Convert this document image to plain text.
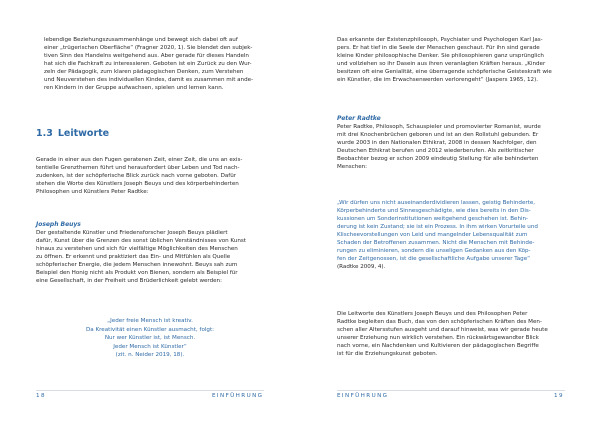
lebendige Beziehungszusammenhänge und bewegt sich dabei oft auf

einer „trügerischen Oberfläche“ (Fragner 2020, 1). Sie blendet den subjek-

tiven Sinn des Handelns weitgehend aus. Aber gerade für dieses Handeln

hat sich die Fachkraft zu interessieren. Geboten ist ein Zurück zu den Wur-

zeln der Pädagogik, zum klaren pädagogischen Denken, zum Verstehen

und Neuverstehen des individuellen Kindes, damit es zusammen mit ande-

ren Kindern in der Gruppe aufwachsen, spielen und lernen kann.

1.3 Leitworte

Gerade in einer aus den Fugen geratenen Zeit, einer Zeit, die uns an exis-

tentielle Grenzthemen führt und herausfordert über Leben und Tod nach-

zudenken, ist der schöpferische Blick zurück nach vorne geboten. Dafür

stehen die Worte des Künstlers Joseph Beuys und des körperbehinderten

Philosophen und Künstlers Peter Radtke:

Joseph Beuys

Der gestaltende Künstler und Friedensforscher Joseph Beuys plädiert

dafür, Kunst über die Grenzen des sonst üblichen Verständnisses von Kunst

hinaus zu verstehen und sich für vielfältige Möglichkeiten des Menschen

zu öffnen. Er erkennt und praktiziert das Ein- und Mitfühlen als Quelle

schöpferischer Energie, die jedem Menschen innewohnt. Beuys sah zum

Beispiel den Honig nicht als Produkt von Bienen, sondern als Beispiel für

eine Gesellschaft, in der Freiheit und Brüderlichkeit gelebt werden:

„Jeder freie Mensch ist kreativ.

Da Kreativität einen Künstler ausmacht, folgt:

Nur wer Künstler ist, ist Mensch.

Jeder Mensch ist Künstler“

(zit. n. Neider 2019, 18).

18	EINFÜHRUNG

Das erkannte der Existenzphilosoph, Psychiater und Psychologen Karl Jas-

pers. Er hat tief in die Seele der Menschen geschaut. Für ihn sind gerade

kleine Kinder philosophische Denker. Sie philosophieren ganz ursprünglich

und vollziehen so ihr Dasein aus ihren veranlagten Kräften heraus. „Kinder

besitzen oft eine Genialität, eine überragende schöpferische Geisteskraft wie

ein Künstler, die im Erwachsenwerden verlorengeht“ (Jaspers 1965, 12).

Peter Radtke

Peter Radtke, Philosoph, Schauspieler und promovierter Romanist, wurde

mit drei Knochenbrüchen geboren und ist an den Rollstuhl gebunden. Er

wurde 2003 in den Nationalen Ethikrat, 2008 in dessen Nachfolger, den

Deutschen Ethikrat berufen und 2012 wiederberufen. Als zeitkritischer

Beobachter bezog er schon 2009 eindeutig Stellung für alle behinderten

Menschen:

„Wir dürfen uns nicht auseinanderdividieren lassen, geistig Behinderte,

Körperbehinderte und Sinnesgeschädigte, wie dies bereits in den Dis-

kussionen um Sonderinstitutionen weitgehend geschehen ist. Behin-

derung ist kein Zustand; sie ist ein Prozess. In ihm wirken Vorurteile und

Klischeevorstellungen von Leid und mangelnder Lebensqualität zum

Schaden der Betroffenen zusammen. Nicht die Menschen mit Behinde-

rungen zu eliminieren, sondern die unseligen Gedanken aus den Köp-

fen der Zeitgenossen, ist die gesellschaftliche Aufgabe unserer Tage“

(Radtke 2009, 4).

Die Leitworte des Künstlers Joseph Beuys und des Philosophen Peter

Radtke begleiten das Buch, das von den schöpferischen Kräften des Men-

schen aller Altersstufen ausgeht und darauf hinweist, was wir gerade heute

unserer Erziehung nun wirklich verstehen. Ein rückwärtsgewandter Blick

nach vorne, ein Nachdenken und Kultivieren der pädagogischen Begriffe

ist für die Erziehungskunst geboten.

EINFÜHRUNG	19
